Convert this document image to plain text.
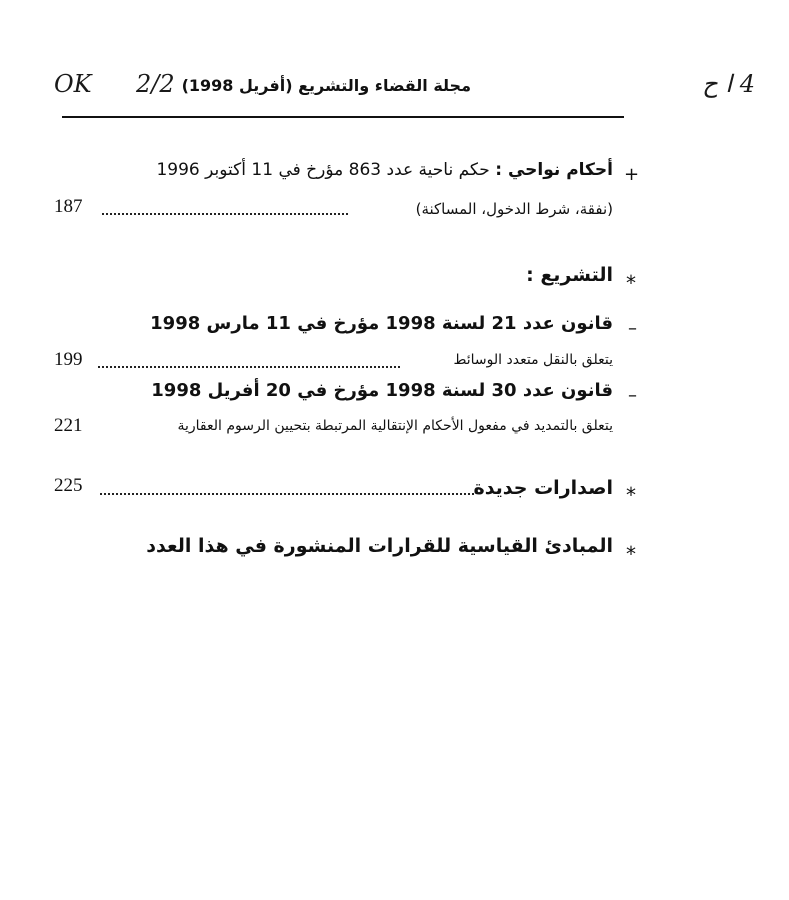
OK 2/2 مجلة القضاء والتشريع (أفريل 1998)	4 ا ح
+
أحكام نواحي : حكم ناحية عدد 863 مؤرخ في 11 أكتوبر 1996
(نفقة، شرط الدخول، المساكنة)
187
*
التشريع :
–
قانون عدد 21 لسنة 1998 مؤرخ في 11 مارس 1998
يتعلق بالنقل متعدد الوسائط
199
–
قانون عدد 30 لسنة 1998 مؤرخ في 20 أفريل 1998
يتعلق بالتمديد في مفعول الأحكام الإنتقالية المرتبطة بتحيين الرسوم العقارية
221
*
اصدارات جديدة
225
*
المبادئ القياسية للقرارات المنشورة في هذا العدد
